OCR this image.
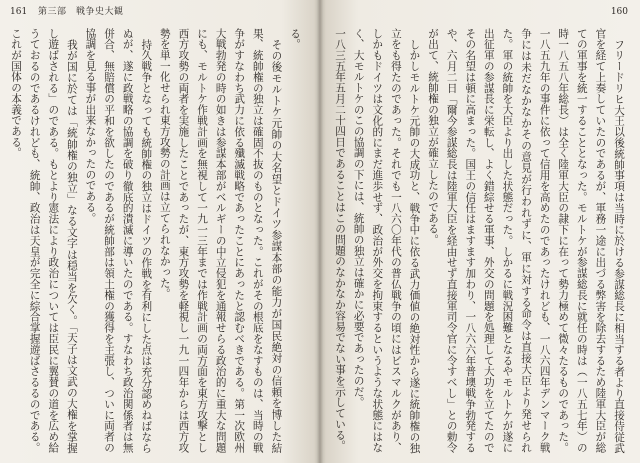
161 第三部　戦争史大観

る。

その後モルトケ元帥の大名望とドイツ参謀本部の能力が国民絶対の信頼を博した結果、統帥権の独立は確固不抜のものとなった。これがその根底をなすものは、当時の戦争がすなわち武力に依る殲滅戦略であったことにあったと認むべきである。第一次欧州大戦勃発の時の如きは参謀本部がベルギーの中立侵犯を通報せらる政治的に重大な問題にも、モルトケ作戦計画を無視して一九一三年までは作戦計画の両方面を東方攻撃とし西方攻勢の両者を実施したことであったが、東方攻勢を軽視し一九一四年からは西方攻勢を単一化せられ東方攻勢の計画は立てられなかった。

持久戦争となっても統帥権の独立はドイツの作戦を有利にした点は充分認めねばならぬが、遂に政戦略の協調を破り徹底的潰滅に導いたのである。すなわち政治関係者は無併合、無賠償の平和を欲したのであるが統帥部は領土権の獲得を主張し、ついに両者の協調を見る事が出来なかったのである。

我が国に於ては「統帥権の独立」なる文字は穏当を欠く。「天子は文武の大権を掌握し遊ばされる」のである。もとより憲法により政治については臣民に翼賛の道を広め給うておるのであるけれども、統帥、政治は天皇が完全に綜合掌握遊ばさるるのである。これが国体の本義である。

160

フリードリヒ大王以後統帥事項は当時に於ける参謀総長に相当する者より直接侍従武官を経て上奏していたのであるが、軍務一途に出づる弊害を除去するため陸軍大臣が総ての軍事を統一することとなった。モルトケが参謀総長に就任の時は（一八五七年）の時一八五八年総長）は全く陸軍大臣の隷下に在って勢力極めて微々たるものであった。一八五九年の事件に依って信用を高めたのであったけれども、一八六四年デンマーク戦争には未だなかなかその意見が行われずに、軍に対する命令は直接大臣より発せられた。軍の統帥を大臣より出した状態だった。しかるに戦況困難となるやモルトケが遂に出征軍の参謀長に栄転し、よく錯綜せる軍事、外交の問題を処理して大功を立てたのでその名望は頓に高まった。国王の信任はますます加わり、一八六六年普墺戦争勃発するや、六月二日「爾今参謀総長は陸軍大臣を経由せず直接軍司令官に令すべし」との勅令が出て、統帥権の独立が確立したのである。

しかしモルトケ元帥の大成功と、戦争中に依る武力価値の絶対性から遂に統帥権の独立をも得たのであった。それでも一八六〇年代の普仏戦争の頃にはビスマルクがあり、しかもドイツは文化的にまだ進歩せず、政治が外交を拘束するというような状態にはなく、大モルトケのこの協調の下には、統帥の独立は確かに必要であったのだ。

一八三五年五月二十四日であることはこの問題のなかなか容易でない事を示している。
